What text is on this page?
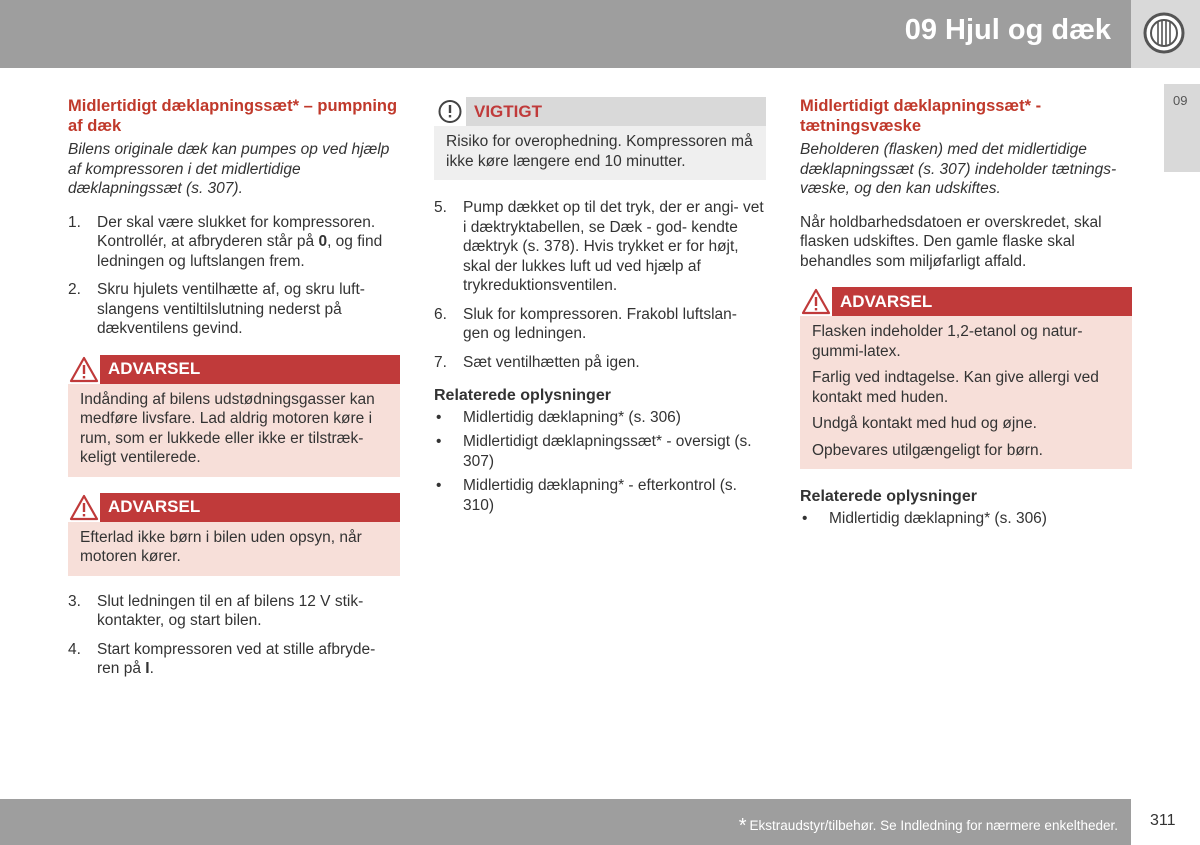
09 Hjul og dæk
09
Midlertidigt dæklapningssæt* – pumpning af dæk
Bilens originale dæk kan pumpes op ved hjælp af kompressoren i det midlertidige dæklapningssæt (s. 307).
1. Der skal være slukket for kompressoren. Kontrollér, at afbryderen står på 0, og find ledningen og luftslangen frem.
2. Skru hjulets ventilhætte af, og skru luft- slangens ventiltilslutning nederst på dækventilens gevind.
ADVARSEL

Indånding af bilens udstødningsgasser kan medføre livsfare. Lad aldrig motoren køre i rum, som er lukkede eller ikke er tilstræk- keligt ventilerede.

ADVARSEL

Efterlad ikke børn i bilen uden opsyn, når motoren kører.

3. Slut ledningen til en af bilens 12 V stik- kontakter, og start bilen.
4. Start kompressoren ved at stille afbryde- ren på I.
VIGTIGT

Risiko for overophedning. Kompressoren må ikke køre længere end 10 minutter.

5. Pump dækket op til det tryk, der er angi- vet i dæktryktabellen, se Dæk - god- kendte dæktryk (s. 378). Hvis trykket er for højt, skal der lukkes luft ud ved hjælp af trykreduktionsventilen.
6. Sluk for kompressoren. Frakobl luftslan- gen og ledningen.
7. Sæt ventilhætten på igen.
Relaterede oplysninger
• Midlertidig dæklapning* (s. 306)
• Midlertidigt dæklapningssæt* - oversigt (s. 307)
• Midlertidig dæklapning* - efterkontrol (s. 310)
Midlertidigt dæklapningssæt* - tætningsvæske
Beholderen (flasken) med det midlertidige dæklapningssæt (s. 307) indeholder tætnings- væske, og den kan udskiftes.
Når holdbarhedsdatoen er overskredet, skal flasken udskiftes. Den gamle flaske skal behandles som miljøfarligt affald.
ADVARSEL

Flasken indeholder 1,2-etanol og natur- gummi-latex.

Farlig ved indtagelse. Kan give allergi ved kontakt med huden.

Undgå kontakt med hud og øjne.

Opbevares utilgængeligt for børn.

Relaterede oplysninger
• Midlertidig dæklapning* (s. 306)
* Ekstraudstyr/tilbehør. Se Indledning for nærmere enkeltheder. 311
